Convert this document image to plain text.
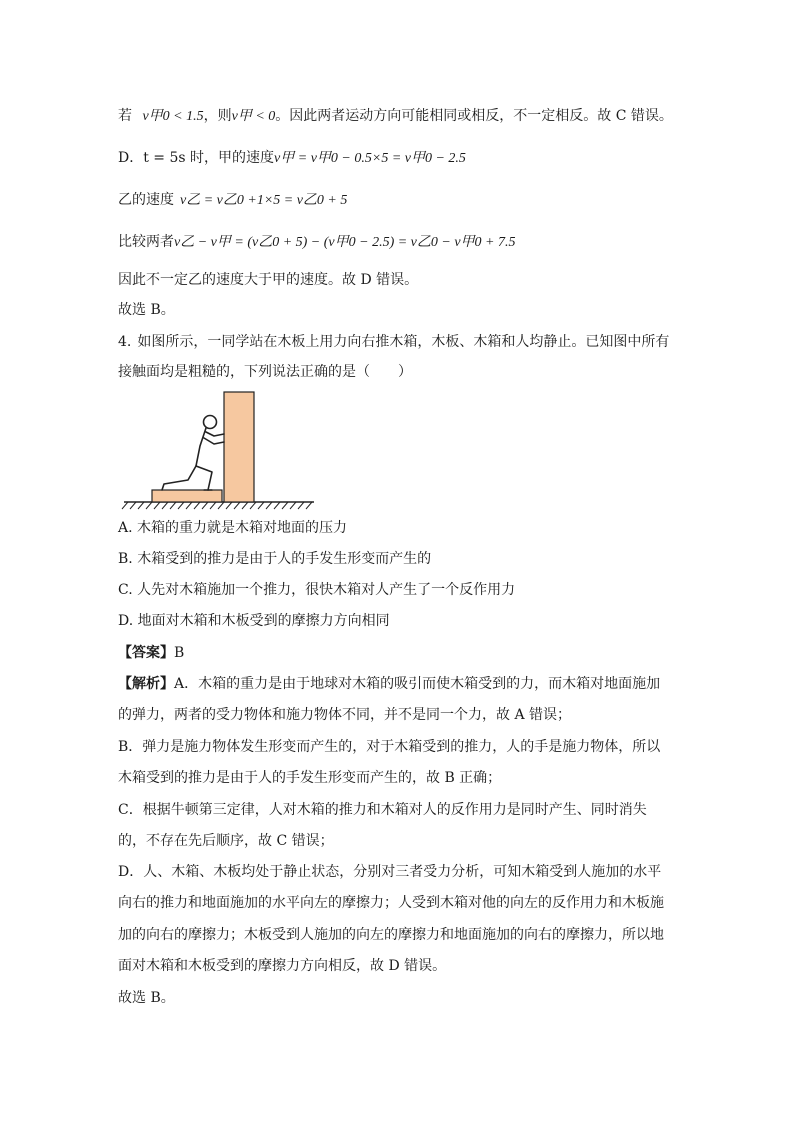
若 v甲0 < 1.5，则v甲 < 0。因此两者运动方向可能相同或相反，不一定相反。故 C 错误。
D．t = 5s 时，甲的速度v甲 = v甲0 − 0.5×5 = v甲0 − 2.5
乙的速度 v乙 = v乙0 +1×5 = v乙0 + 5
比较两者v乙 − v甲 = (v乙0 + 5) − (v甲0 − 2.5) = v乙0 − v甲0 + 7.5
因此不一定乙的速度大于甲的速度。故 D 错误。
故选 B。
4. 如图所示，一同学站在木板上用力向右推木箱，木板、木箱和人均静止。已知图中所有
接触面均是粗糙的，下列说法正确的是（　　）
A. 木箱的重力就是木箱对地面的压力
B. 木箱受到的推力是由于人的手发生形变而产生的
C. 人先对木箱施加一个推力，很快木箱对人产生了一个反作用力
D. 地面对木箱和木板受到的摩擦力方向相同
【答案】B
【解析】A．木箱的重力是由于地球对木箱的吸引而使木箱受到的力，而木箱对地面施加
的弹力，两者的受力物体和施力物体不同，并不是同一个力，故 A 错误；
B．弹力是施力物体发生形变而产生的，对于木箱受到的推力，人的手是施力物体，所以
木箱受到的推力是由于人的手发生形变而产生的，故 B 正确；
C．根据牛顿第三定律，人对木箱的推力和木箱对人的反作用力是同时产生、同时消失
的，不存在先后顺序，故 C 错误；
D．人、木箱、木板均处于静止状态，分别对三者受力分析，可知木箱受到人施加的水平
向右的推力和地面施加的水平向左的摩擦力；人受到木箱对他的向左的反作用力和木板施
加的向右的摩擦力；木板受到人施加的向左的摩擦力和地面施加的向右的摩擦力，所以地
面对木箱和木板受到的摩擦力方向相反，故 D 错误。
故选 B。
